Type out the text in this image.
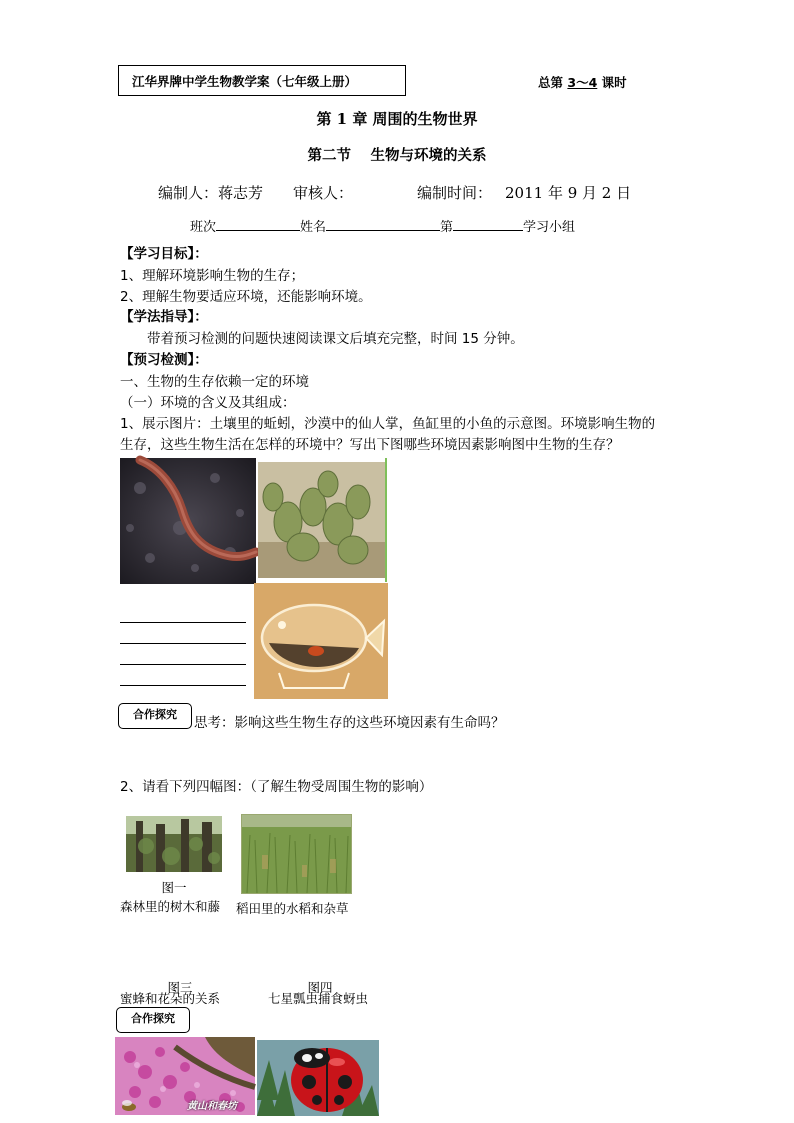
江华界牌中学生物教学案（七年级上册）	总第 3～4 课时
第 1 章 周围的生物世界
第二节　 生物与环境的关系
编制人：蒋志芳 审核人：	编制时间： 2011 年 9 月 2 日
班次	姓名	第	学习小组
【学习目标】：
1、理解环境影响生物的生存；
2、理解生物要适应环境，还能影响环境。
【学法指导】：
带着预习检测的问题快速阅读课文后填充完整，时间 15 分钟。
【预习检测】：
一、生物的生存依赖一定的环境
（一）环境的含义及其组成：
1、展示图片：土壤里的蚯蚓，沙漠中的仙人掌，鱼缸里的小鱼的示意图。环境影响生物的
生存，这些生物生活在怎样的环境中？写出下图哪些环境因素影响图中生物的生存？
合作探究
思考：影响这些生物生存的这些环境因素有生命吗？
2、请看下列四幅图：（了解生物受周围生物的影响）
图一
森林里的树木和藤	稻田里的水稻和杂草
图三	图四
蜜蜂和花朵的关系	七星瓢虫捕食蚜虫
合作探究
黄山和春坊
